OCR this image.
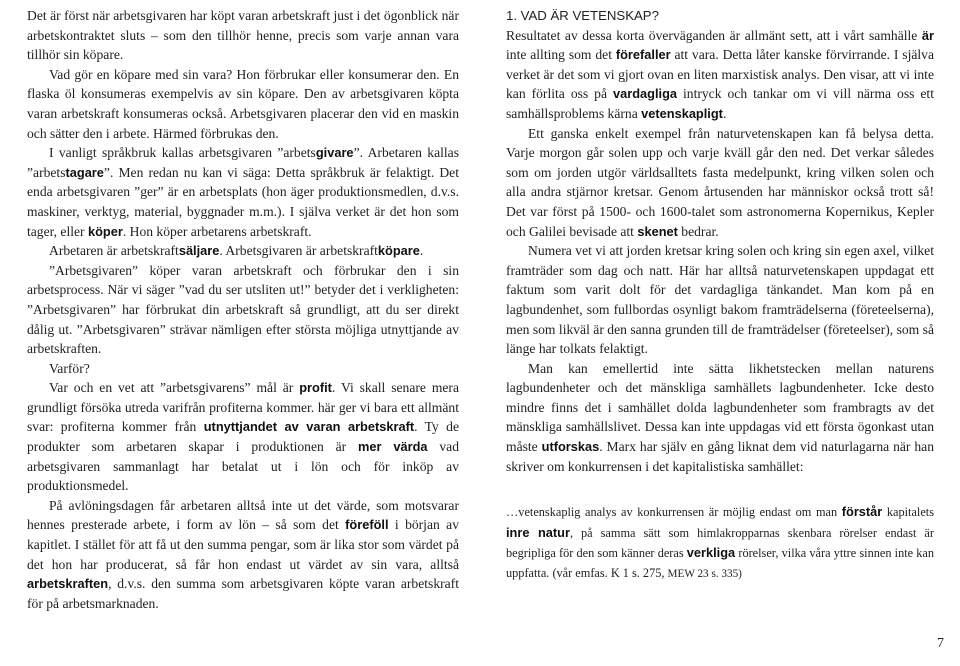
Det är först när arbetsgivaren har köpt varan arbetskraft just i det ögonblick när arbetskontraktet sluts – som den tillhör henne, precis som varje annan vara tillhör sin köpare.

Vad gör en köpare med sin vara? Hon förbrukar eller konsumerar den. En flaska öl konsumeras exempelvis av sin köpare. Den av arbetsgivaren köpta varan arbetskraft konsumeras också. Arbetsgivaren placerar den vid en maskin och sätter den i arbete. Härmed förbrukas den.

I vanligt språkbruk kallas arbetsgivaren ”arbetsgivare”. Arbetaren kallas ”arbetstagare”. Men redan nu kan vi säga: Detta språkbruk är felaktigt. Det enda arbetsgivaren ”ger” är en arbetsplats (hon äger produktionsmedlen, d.v.s. maskiner, verktyg, material, byggnader m.m.). I själva verket är det hon som tager, eller köper. Hon köper arbetarens arbetskraft.

Arbetaren är arbetskraftsäljare. Arbetsgivaren är arbetskraftköpare.

”Arbetsgivaren” köper varan arbetskraft och förbrukar den i sin arbetsprocess. När vi säger ”vad du ser utsliten ut!” betyder det i verkligheten: ”Arbetsgivaren” har förbrukat din arbetskraft så grundligt, att du ser direkt dålig ut. ”Arbetsgivaren” strävar nämligen efter största möjliga utnyttjande av arbetskraften.

Varför?

Var och en vet att ”arbetsgivarens” mål är profit. Vi skall senare mera grundligt försöka utreda varifrån profiterna kommer. här ger vi bara ett allmänt svar: profiterna kommer från utnyttjandet av varan arbetskraft. Ty de produkter som arbetaren skapar i produktionen är mer värda vad arbetsgivaren sammanlagt har betalat ut i lön och för inköp av produktionsmedel.

På avlöningsdagen får arbetaren alltså inte ut det värde, som motsvarar hennes presterade arbete, i form av lön – så som det föreföll i början av kapitlet. I stället för att få ut den summa pengar, som är lika stor som värdet på det hon har producerat, så får hon endast ut värdet av sin vara, alltså arbetskraften, d.v.s. den summa som arbetsgivaren köpte varan arbetskraft för på arbetsmarknaden.

1. VAD ÄR VETENSKAP?

Resultatet av dessa korta överväganden är allmänt sett, att i vårt samhälle är inte allting som det förefaller att vara. Detta låter kanske förvirrande. I själva verket är det som vi gjort ovan en liten marxistisk analys. Den visar, att vi inte kan förlita oss på vardagliga intryck och tankar om vi vill närma oss ett samhällsproblems kärna vetenskapligt.

Ett ganska enkelt exempel från naturvetenskapen kan få belysa detta. Varje morgon går solen upp och varje kväll går den ned. Det verkar således som om jorden utgör världsalltets fasta medelpunkt, kring vilken solen och alla andra stjärnor kretsar. Genom årtusenden har människor också trott så! Det var först på 1500- och 1600-talet som astronomerna Kopernikus, Kepler och Galilei bevisade att skenet bedrar.

Numera vet vi att jorden kretsar kring solen och kring sin egen axel, vilket framträder som dag och natt. Här har alltså naturvetenskapen uppdagat ett faktum som varit dolt för det vardagliga tänkandet. Man kom på en lagbundenhet, som fullbordas osynligt bakom framträdelserna (företeelserna), men som likväl är den sanna grunden till de framträdelser (företeelser), som så länge har tolkats felaktigt.

Man kan emellertid inte sätta likhetstecken mellan naturens lagbundenheter och det mänskliga samhällets lagbundenheter. Icke desto mindre finns det i samhället dolda lagbundenheter som frambragts av det mänskliga samhällslivet. Dessa kan inte uppdagas vid ett första ögonkast utan måste utforskas. Marx har själv en gång liknat dem vid naturlagarna när han skriver om konkurrensen i det kapitalistiska samhället:

…vetenskaplig analys av konkurrensen är möjlig endast om man förstår kapitalets inre natur, på samma sätt som himlakropparnas skenbara rörelser endast är begripliga för den som känner deras verkliga rörelser, vilka våra yttre sinnen inte kan uppfatta. (vår emfas. K 1 s. 275, MEW 23 s. 335)

7
